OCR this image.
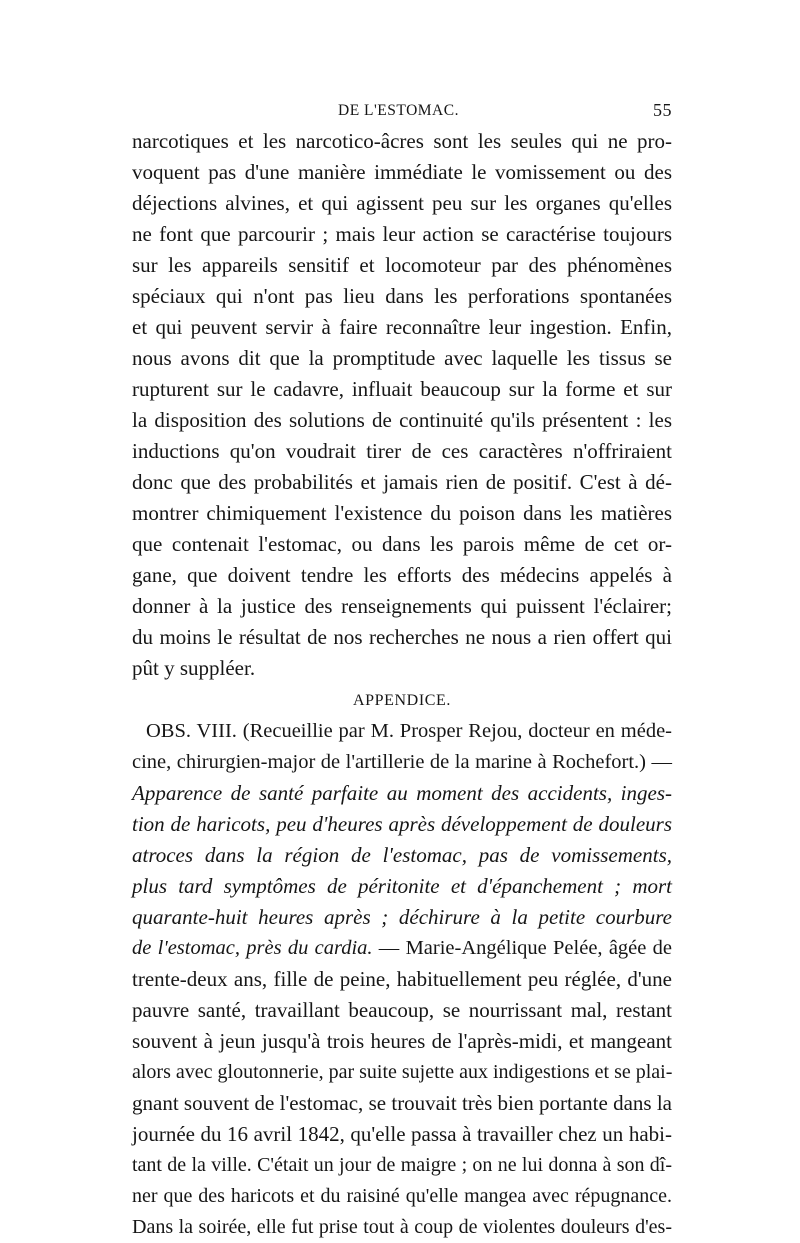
DE L'ESTOMAC.	55
narcotiques et les narcotico-âcres sont les seules qui ne pro-
voquent pas d'une manière immédiate le vomissement ou des
déjections alvines, et qui agissent peu sur les organes qu'elles
ne font que parcourir ; mais leur action se caractérise toujours
sur les appareils sensitif et locomoteur par des phénomènes
spéciaux qui n'ont pas lieu dans les perforations spontanées
et qui peuvent servir à faire reconnaître leur ingestion. Enfin,
nous avons dit que la promptitude avec laquelle les tissus se
rupturent sur le cadavre, influait beaucoup sur la forme et sur
la disposition des solutions de continuité qu'ils présentent : les
inductions qu'on voudrait tirer de ces caractères n'offriraient
donc que des probabilités et jamais rien de positif. C'est à dé-
montrer chimiquement l'existence du poison dans les matières
que contenait l'estomac, ou dans les parois même de cet or-
gane, que doivent tendre les efforts des médecins appelés à
donner à la justice des renseignements qui puissent l'éclairer;
du moins le résultat de nos recherches ne nous a rien offert qui
pût y suppléer.
APPENDICE.
OBS. VIII. (Recueillie par M. Prosper Rejou, docteur en méde-
cine, chirurgien-major de l'artillerie de la marine à Rochefort.) —
Apparence de santé parfaite au moment des accidents, inges-
tion de haricots, peu d'heures après développement de douleurs
atroces dans la région de l'estomac, pas de vomissements,
plus tard symptômes de péritonite et d'épanchement ; mort
quarante-huit heures après ; déchirure à la petite courbure
de l'estomac, près du cardia. — Marie-Angélique Pelée, âgée de
trente-deux ans, fille de peine, habituellement peu réglée, d'une
pauvre santé, travaillant beaucoup, se nourrissant mal, restant
souvent à jeun jusqu'à trois heures de l'après-midi, et mangeant
alors avec gloutonnerie, par suite sujette aux indigestions et se plai-
gnant souvent de l'estomac, se trouvait très bien portante dans la
journée du 16 avril 1842, qu'elle passa à travailler chez un habi-
tant de la ville. C'était un jour de maigre ; on ne lui donna à son dî-
ner que des haricots et du raisiné qu'elle mangea avec répugnance.
Dans la soirée, elle fut prise tout à coup de violentes douleurs d'es-
